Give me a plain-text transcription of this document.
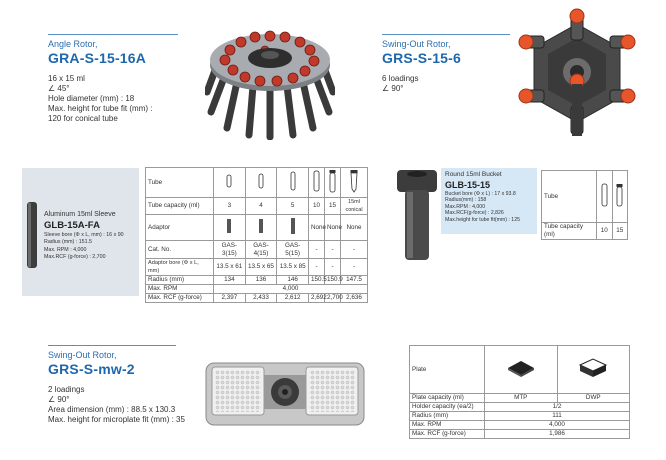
Angle Rotor,
GRA-S-15-16A
16 x 15 ml
∠ 45°
Hole diameter (mm) : 18
Max. height for tube fit (mm) :
120 for conical tube
Swing-Out Rotor,
GRS-S-15-6
6 loadings
∠ 90°
Aluminum 15ml Sleeve
GLB-15A-FA
Sleeve bore (Φ x L, mm) : 16 x 90
Radius (mm) : 151.5
Max. RPM : 4,000
Max.RCF (g-force) : 2,700
Tube						
Tube capacity (ml)	3	4	5	10	15	15ml conical
Adaptor				None	None	None
Cat. No.	GAS-3(15)	GAS-4(15)	GAS-5(15)	-	-	-
Adaptor bore (Φ x L, mm)	13.5 x 61	13.5 x 65	13.5 x 85	-	-	-
Radius (mm)	134	136	146	150.5	150.9	147.5
Max. RPM	4,000					
Max. RCF (g-force)	2,397	2,433	2,612	2,692	2,700	2,636
Round 15ml Bucket
GLB-15-15
Bucket bore (Φ x L) : 17 x 93.8
Radius(mm) : 158
Max.RPM : 4,000
Max.RCF(g-force) : 2,826
Max.height for tube fit(mm) : 125
Tube		
Tube capacity (ml)	10	15
Swing-Out Rotor,
GRS-S-mw-2
2 loadings
∠ 90°
Area dimension (mm) : 88.5 x 130.3
Max. height for microplate fit (mm) : 35
Plate		
Plate capacity (ml)	MTP	DWP
Holder capacity (ea/2)	1/2	
Radius (mm)	111	
Max. RPM	4,000	
Max. RCF (g-force)	1,986	
